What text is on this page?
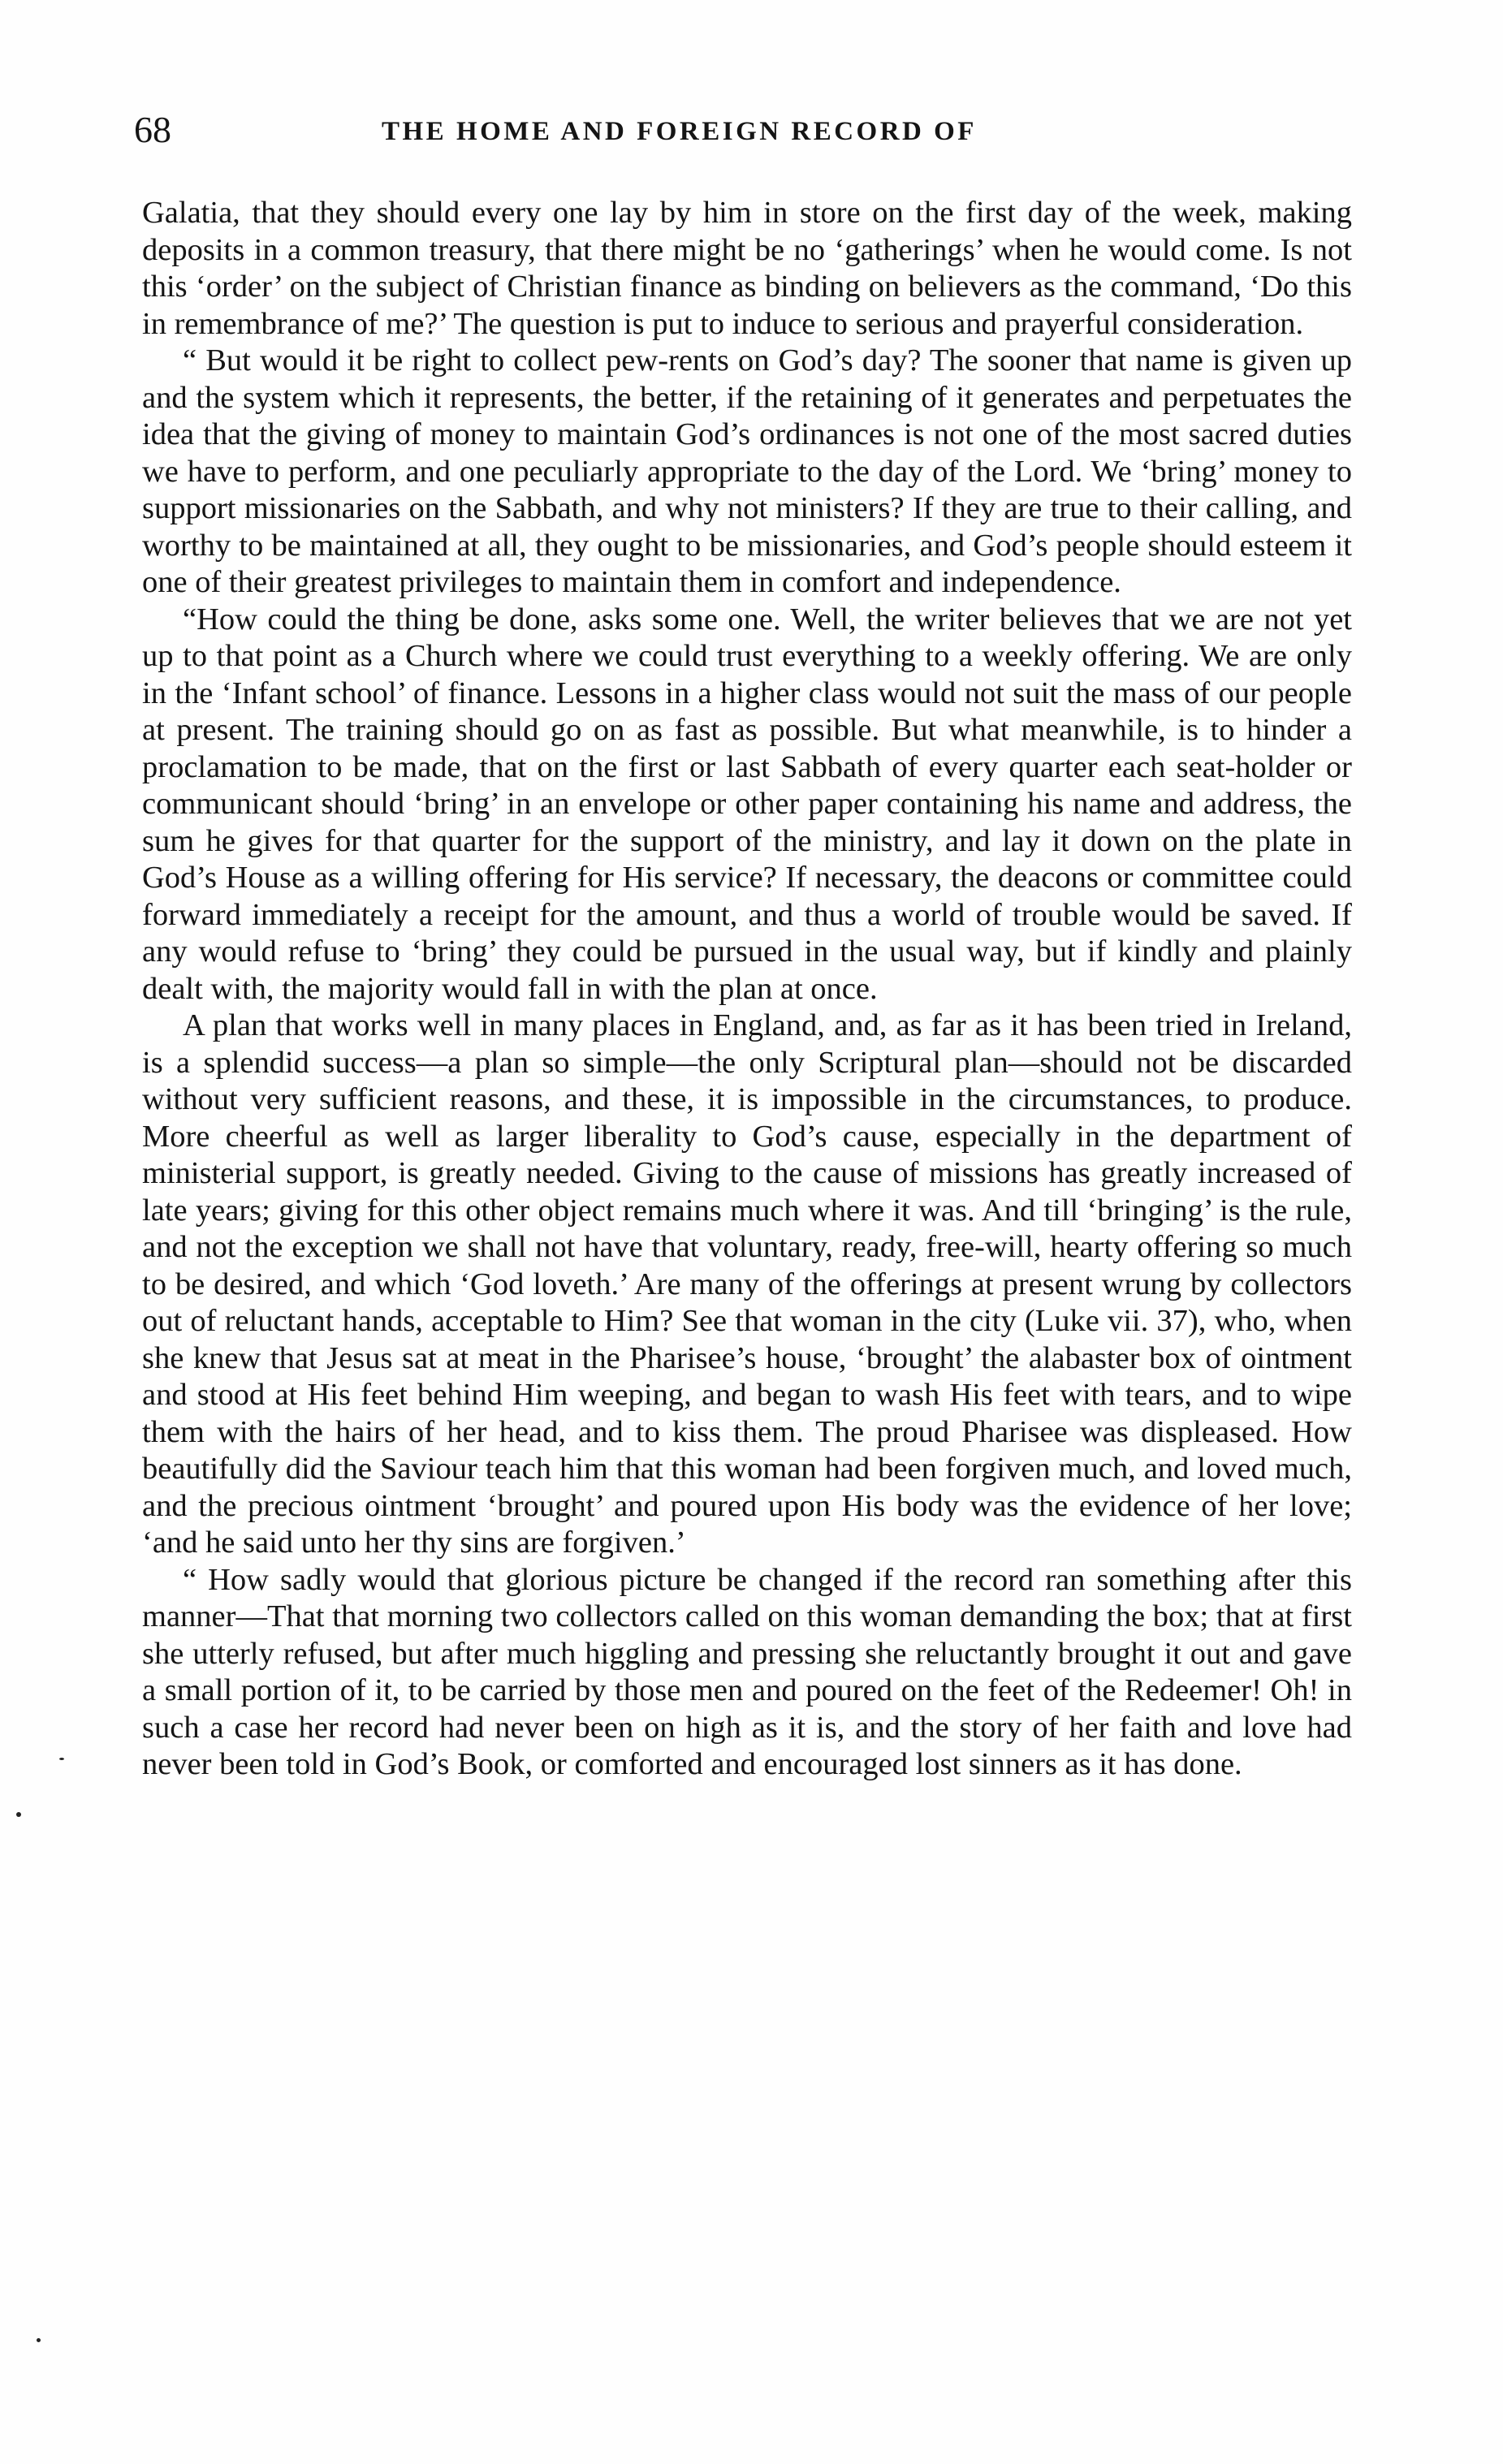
68	THE HOME AND FOREIGN RECORD OF

Galatia, that they should every one lay by him in store on the first day of the week, making deposits in a common treasury, that there might be no ‘gatherings’ when he would come. Is not this ‘order’ on the subject of Christian finance as binding on believers as the command, ‘Do this in remembrance of me?’ The question is put to induce to serious and prayerful consideration.

“ But would it be right to collect pew-rents on God’s day? The sooner that name is given up and the system which it represents, the better, if the retaining of it generates and perpetuates the idea that the giving of money to maintain God’s ordinances is not one of the most sacred duties we have to perform, and one peculiarly appropriate to the day of the Lord. We ‘bring’ money to support missionaries on the Sabbath, and why not ministers? If they are true to their calling, and worthy to be maintained at all, they ought to be missionaries, and God’s people should esteem it one of their greatest privileges to maintain them in comfort and independence.

“How could the thing be done, asks some one. Well, the writer believes that we are not yet up to that point as a Church where we could trust everything to a weekly offering. We are only in the ‘Infant school’ of finance. Lessons in a higher class would not suit the mass of our people at present. The training should go on as fast as possible. But what meanwhile, is to hinder a proclamation to be made, that on the first or last Sabbath of every quarter each seat-holder or communicant should ‘bring’ in an envelope or other paper containing his name and address, the sum he gives for that quarter for the support of the ministry, and lay it down on the plate in God’s House as a willing offering for His service? If necessary, the deacons or committee could forward immediately a receipt for the amount, and thus a world of trouble would be saved. If any would refuse to ‘bring’ they could be pursued in the usual way, but if kindly and plainly dealt with, the majority would fall in with the plan at once.

A plan that works well in many places in England, and, as far as it has been tried in Ireland, is a splendid success—a plan so simple—the only Scriptural plan—should not be discarded without very sufficient reasons, and these, it is impossible in the circumstances, to produce. More cheerful as well as larger liberality to God’s cause, especially in the department of ministerial support, is greatly needed. Giving to the cause of missions has greatly increased of late years; giving for this other object remains much where it was. And till ‘bringing’ is the rule, and not the exception we shall not have that voluntary, ready, free-will, hearty offering so much to be desired, and which ‘God loveth.’ Are many of the offerings at present wrung by collectors out of reluctant hands, acceptable to Him? See that woman in the city (Luke vii. 37), who, when she knew that Jesus sat at meat in the Pharisee’s house, ‘brought’ the alabaster box of ointment and stood at His feet behind Him weeping, and began to wash His feet with tears, and to wipe them with the hairs of her head, and to kiss them. The proud Pharisee was displeased. How beautifully did the Saviour teach him that this woman had been forgiven much, and loved much, and the precious ointment ‘brought’ and poured upon His body was the evidence of her love; ‘and he said unto her thy sins are forgiven.’

“ How sadly would that glorious picture be changed if the record ran something after this manner—That that morning two collectors called on this woman demanding the box; that at first she utterly refused, but after much higgling and pressing she reluctantly brought it out and gave a small portion of it, to be carried by those men and poured on the feet of the Redeemer! Oh! in such a case her record had never been on high as it is, and the story of her faith and love had never been told in God’s Book, or comforted and encouraged lost sinners as it has done.
